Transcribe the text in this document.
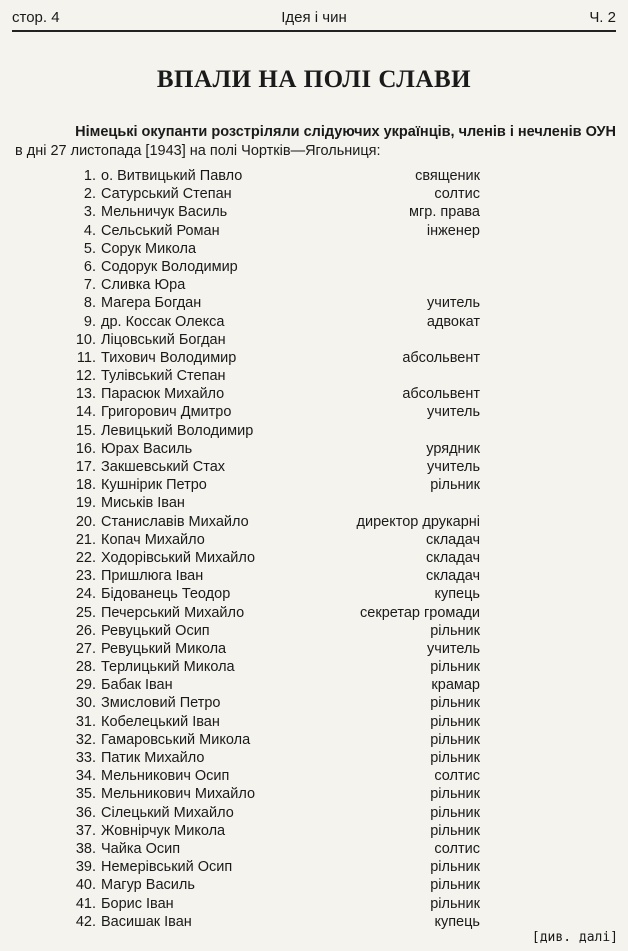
стор. 4	Ідея і чин	Ч. 2
ВПАЛИ НА ПОЛІ СЛАВИ
Німецькі окупанти розстріляли слідуючих українців, членів і нечленів ОУН
в дні 27 листопада [1943] на полі Чортків—Ягольниця:
1. о. Витвицький Павло	священик
2. Сатурський Степан	солтис
3. Мельничук Василь	мгр. права
4. Сельський Роман	інженер
5. Сорук Микола
6. Содорук Володимир
7. Сливка Юра
8. Магера Богдан	учитель
9. др. Коссак Олекса	адвокат
10. Ліцовський Богдан
11. Тихович Володимир	абсольвент
12. Тулівський Степан
13. Парасюк Михайло	абсольвент
14. Григорович Дмитро	учитель
15. Левицький Володимир
16. Юрах Василь	урядник
17. Закшевський Стах	учитель
18. Кушнірик Петро	рільник
19. Миськів Іван
20. Станиславів Михайло	директор друкарні
21. Копач Михайло	складач
22. Ходорівський Михайло	складач
23. Пришлюга Іван	складач
24. Бідованець Теодор	купець
25. Печерський Михайло	секретар громади
26. Ревуцький Осип	рільник
27. Ревуцький Микола	учитель
28. Терлицький Микола	рільник
29. Бабак Іван	крамар
30. Змисловий Петро	рільник
31. Кобелецький Іван	рільник
32. Гамаровський Микола	рільник
33. Патик Михайло	рільник
34. Мельникович Осип	солтис
35. Мельникович Михайло	рільник
36. Сілецький Михайло	рільник
37. Жовнірчук Микола	рільник
38. Чайка Осип	солтис
39. Немерівський Осип	рільник
40. Магур Василь	рільник
41. Борис Іван	рільник
42. Васишак Іван	купець
[див. далі]
